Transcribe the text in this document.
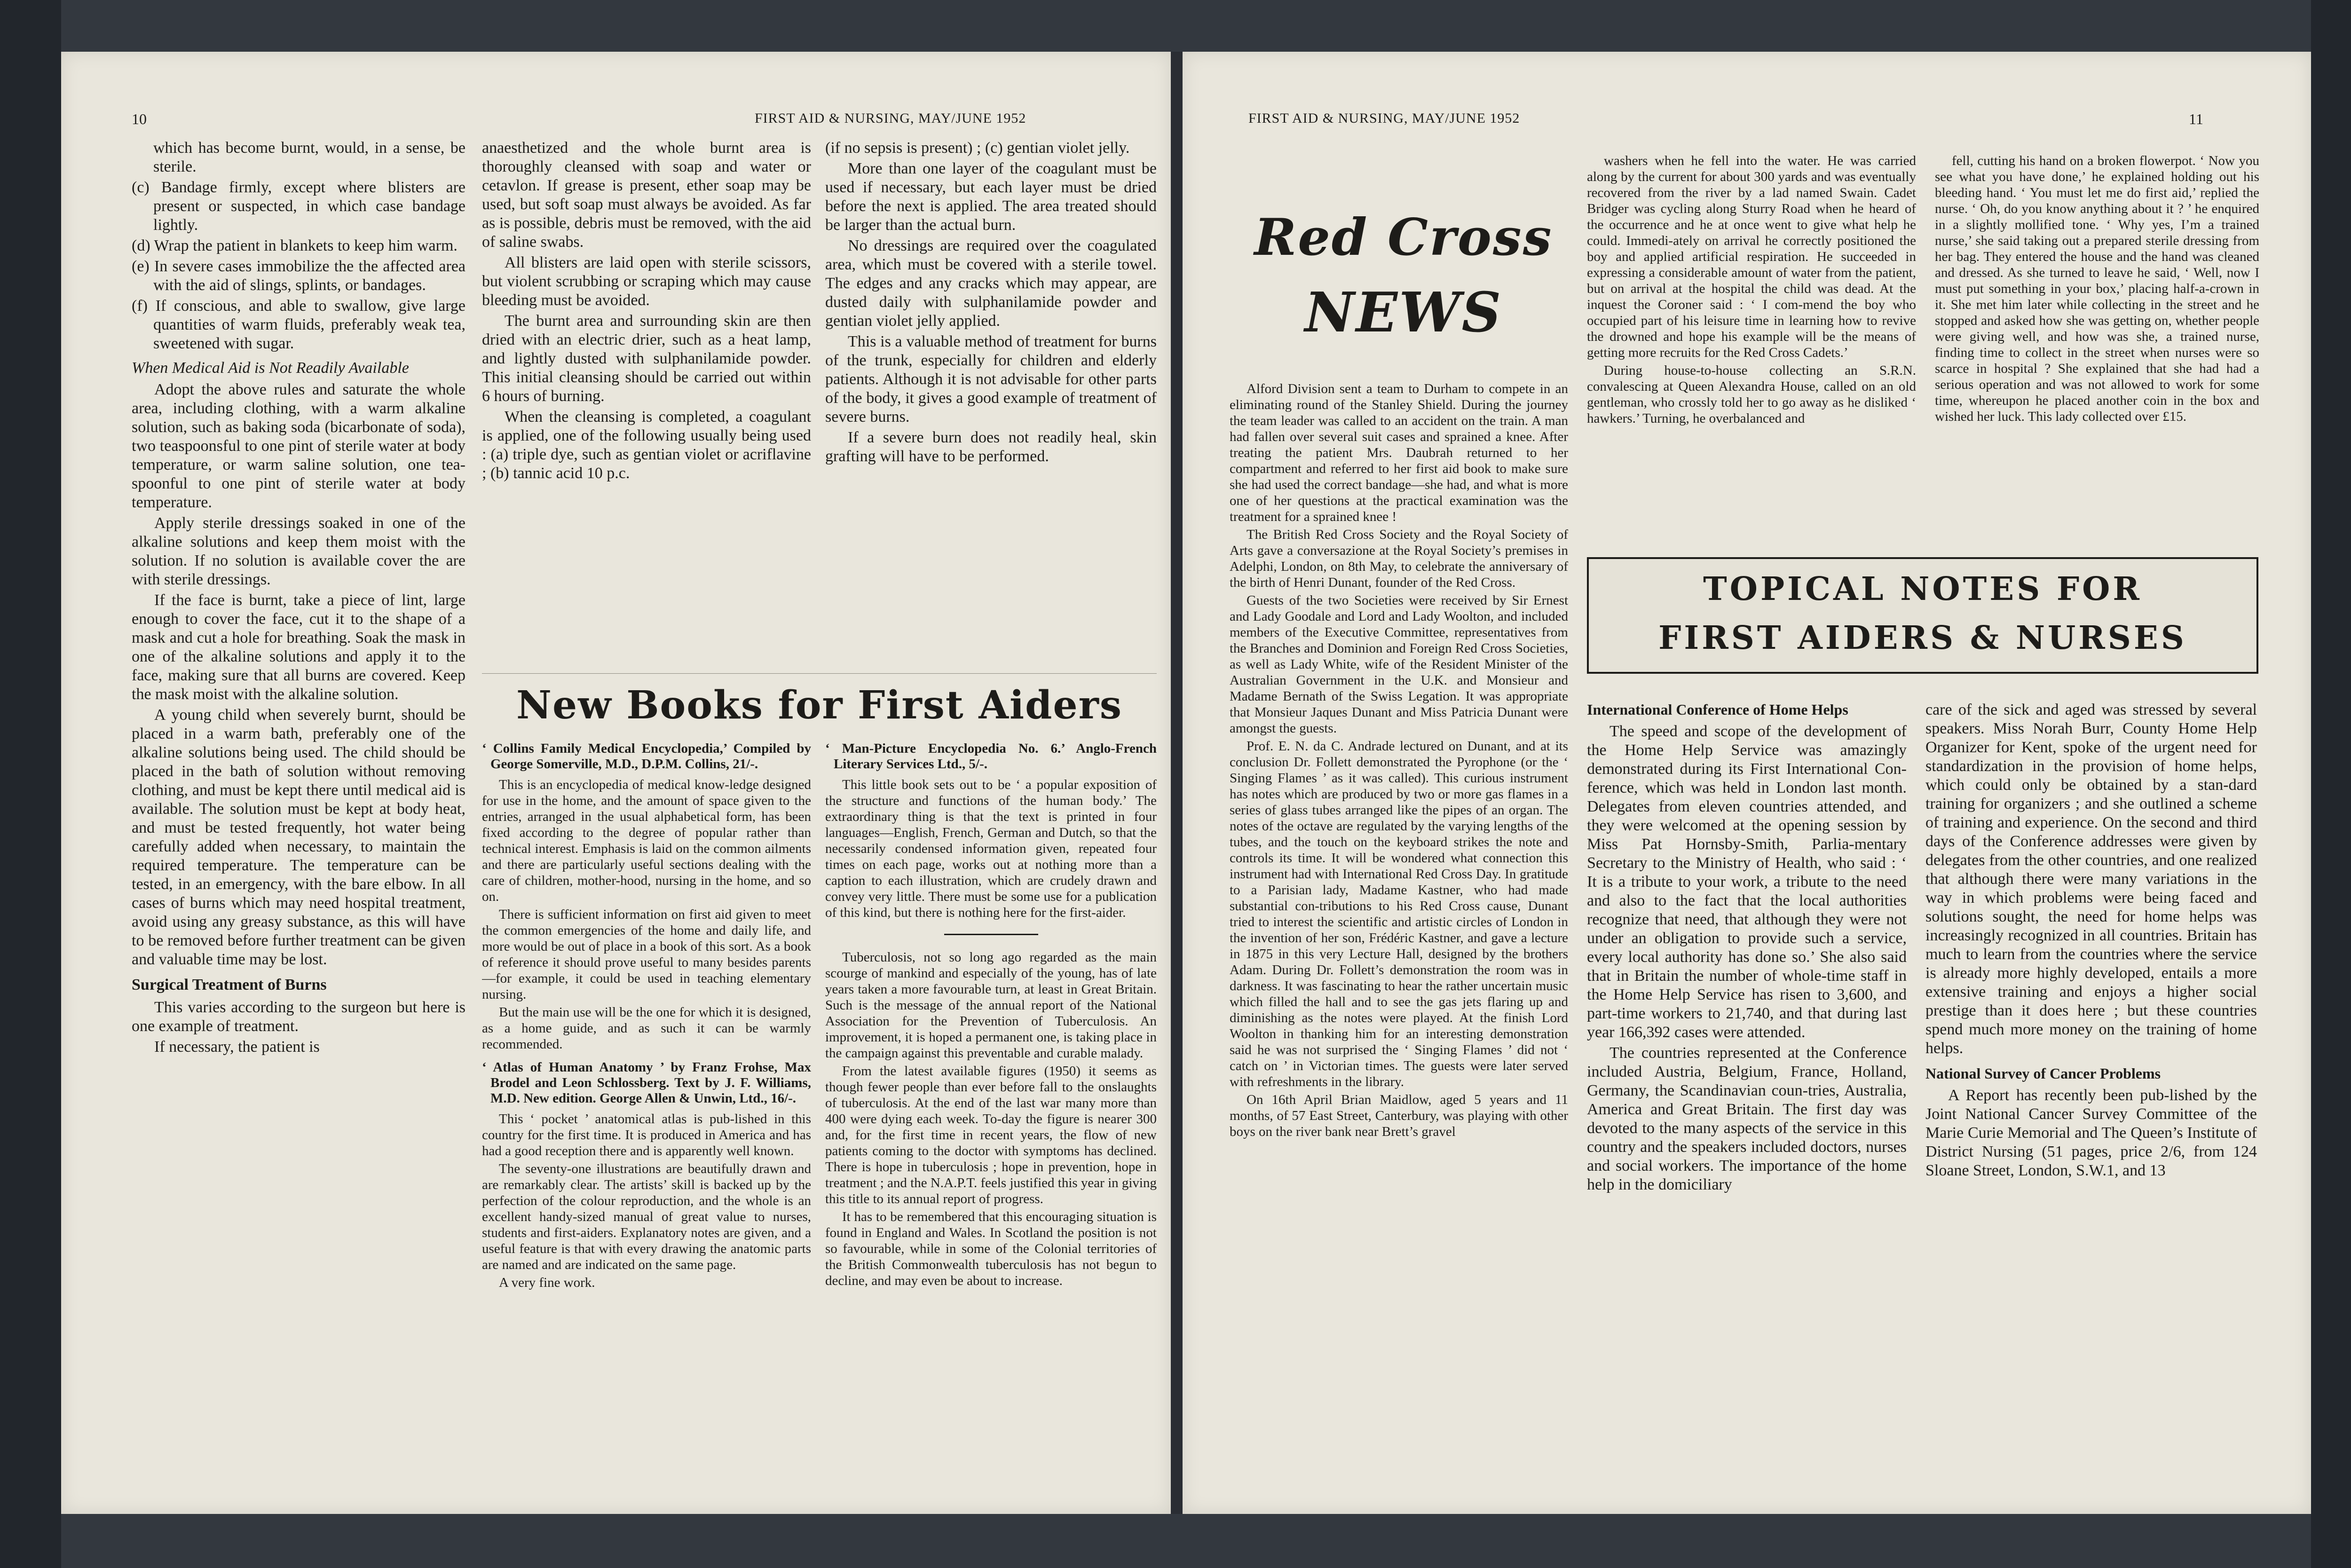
10	FIRST AID & NURSING, MAY/JUNE 1952

which has become burnt, would, in a sense, be sterile.

(c) Bandage firmly, except where blisters are present or suspected, in which case bandage lightly.

(d) Wrap the patient in blankets to keep him warm.

(e) In severe cases immobilize the the affected area with the aid of slings, splints, or bandages.

(f) If conscious, and able to swallow, give large quantities of warm fluids, preferably weak tea, sweetened with sugar.

When Medical Aid is Not Readily Available

Adopt the above rules and saturate the whole area, including clothing, with a warm alkaline solution, such as baking soda (bicarbonate of soda), two teaspoonsful to one pint of sterile water at body temperature, or warm saline solution, one tea-spoonful to one pint of sterile water at body temperature.

Apply sterile dressings soaked in one of the alkaline solutions and keep them moist with the solution. If no solution is available cover the are with sterile dressings.

If the face is burnt, take a piece of lint, large enough to cover the face, cut it to the shape of a mask and cut a hole for breathing. Soak the mask in one of the alkaline solutions and apply it to the face, making sure that all burns are covered. Keep the mask moist with the alkaline solution.

A young child when severely burnt, should be placed in a warm bath, preferably one of the alkaline solutions being used. The child should be placed in the bath of solution without removing clothing, and must be kept there until medical aid is available. The solution must be kept at body heat, and must be tested frequently, hot water being carefully added when necessary, to maintain the required temperature. The temperature can be tested, in an emergency, with the bare elbow. In all cases of burns which may need hospital treatment, avoid using any greasy substance, as this will have to be removed before further treatment can be given and valuable time may be lost.

Surgical Treatment of Burns

This varies according to the surgeon but here is one example of treatment.

If necessary, the patient is

anaesthetized and the whole burnt area is thoroughly cleansed with soap and water or cetavlon. If grease is present, ether soap may be used, but soft soap must always be avoided. As far as is possible, debris must be removed, with the aid of saline swabs.

All blisters are laid open with sterile scissors, but violent scrubbing or scraping which may cause bleeding must be avoided.

The burnt area and surrounding skin are then dried with an electric drier, such as a heat lamp, and lightly dusted with sulphanilamide powder. This initial cleansing should be carried out within 6 hours of burning.

When the cleansing is completed, a coagulant is applied, one of the following usually being used : (a) triple dye, such as gentian violet or acriflavine ; (b) tannic acid 10 p.c.

(if no sepsis is present) ; (c) gentian violet jelly.

More than one layer of the coagulant must be used if necessary, but each layer must be dried before the next is applied. The area treated should be larger than the actual burn.

No dressings are required over the coagulated area, which must be covered with a sterile towel. The edges and any cracks which may appear, are dusted daily with sulphanilamide powder and gentian violet jelly applied.

This is a valuable method of treatment for burns of the trunk, especially for children and elderly patients. Although it is not advisable for other parts of the body, it gives a good example of treatment of severe burns.

If a severe burn does not readily heal, skin grafting will have to be performed.

New Books for First Aiders

‘ Collins Family Medical Encyclopedia,’ Compiled by George Somerville, M.D., D.P.M. Collins, 21/-.

This is an encyclopedia of medical know-ledge designed for use in the home, and the amount of space given to the entries, arranged in the usual alphabetical form, has been fixed according to the degree of popular rather than technical interest. Emphasis is laid on the common ailments and there are particularly useful sections dealing with the care of children, mother-hood, nursing in the home, and so on.

There is sufficient information on first aid given to meet the common emergencies of the home and daily life, and more would be out of place in a book of this sort. As a book of reference it should prove useful to many besides parents—for example, it could be used in teaching elementary nursing.

But the main use will be the one for which it is designed, as a home guide, and as such it can be warmly recommended.

‘ Atlas of Human Anatomy ’ by Franz Frohse, Max Brodel and Leon Schlossberg. Text by J. F. Williams, M.D. New edition. George Allen & Unwin, Ltd., 16/-.

This ‘ pocket ’ anatomical atlas is pub-lished in this country for the first time. It is produced in America and has had a good reception there and is apparently well known.

The seventy-one illustrations are beautifully drawn and are remarkably clear. The artists’ skill is backed up by the perfection of the colour reproduction, and the whole is an excellent handy-sized manual of great value to nurses, students and first-aiders. Explanatory notes are given, and a useful feature is that with every drawing the anatomic parts are named and are indicated on the same page.

A very fine work.

‘ Man-Picture Encyclopedia No. 6.’ Anglo-French Literary Services Ltd., 5/-.

This little book sets out to be ‘ a popular exposition of the structure and functions of the human body.’ The extraordinary thing is that the text is printed in four languages—English, French, German and Dutch, so that the necessarily condensed information given, repeated four times on each page, works out at nothing more than a caption to each illustration, which are crudely drawn and convey very little. There must be some use for a publication of this kind, but there is nothing here for the first-aider.

Tuberculosis, not so long ago regarded as the main scourge of mankind and especially of the young, has of late years taken a more favourable turn, at least in Great Britain. Such is the message of the annual report of the National Association for the Prevention of Tuberculosis. An improvement, it is hoped a permanent one, is taking place in the campaign against this preventable and curable malady.

From the latest available figures (1950) it seems as though fewer people than ever before fall to the onslaughts of tuberculosis. At the end of the last war many more than 400 were dying each week. To-day the figure is nearer 300 and, for the first time in recent years, the flow of new patients coming to the doctor with symptoms has declined. There is hope in tuberculosis ; hope in prevention, hope in treatment ; and the N.A.P.T. feels justified this year in giving this title to its annual report of progress.

It has to be remembered that this encouraging situation is found in England and Wales. In Scotland the position is not so favourable, while in some of the Colonial territories of the British Commonwealth tuberculosis has not begun to decline, and may even be about to increase.

FIRST AID & NURSING, MAY/JUNE 1952	11
Red Cross
NEWS

Alford Division sent a team to Durham to compete in an eliminating round of the Stanley Shield. During the journey the team leader was called to an accident on the train. A man had fallen over several suit cases and sprained a knee. After treating the patient Mrs. Daubrah returned to her compartment and referred to her first aid book to make sure she had used the correct bandage—she had, and what is more one of her questions at the practical examination was the treatment for a sprained knee !

The British Red Cross Society and the Royal Society of Arts gave a conversazione at the Royal Society’s premises in Adelphi, London, on 8th May, to celebrate the anniversary of the birth of Henri Dunant, founder of the Red Cross.

Guests of the two Societies were received by Sir Ernest and Lady Goodale and Lord and Lady Woolton, and included members of the Executive Committee, representatives from the Branches and Dominion and Foreign Red Cross Societies, as well as Lady White, wife of the Resident Minister of the Australian Government in the U.K. and Monsieur and Madame Bernath of the Swiss Legation. It was appropriate that Monsieur Jaques Dunant and Miss Patricia Dunant were amongst the guests.

Prof. E. N. da C. Andrade lectured on Dunant, and at its conclusion Dr. Follett demonstrated the Pyrophone (or the ‘ Singing Flames ’ as it was called). This curious instrument has notes which are produced by two or more gas flames in a series of glass tubes arranged like the pipes of an organ. The notes of the octave are regulated by the varying lengths of the tubes, and the touch on the keyboard strikes the note and controls its time. It will be wondered what connection this instrument had with International Red Cross Day. In gratitude to a Parisian lady, Madame Kastner, who had made substantial con-tributions to his Red Cross cause, Dunant tried to interest the scientific and artistic circles of London in the invention of her son, Frédéric Kastner, and gave a lecture in 1875 in this very Lecture Hall, designed by the brothers Adam. During Dr. Follett’s demonstration the room was in darkness. It was fascinating to hear the rather uncertain music which filled the hall and to see the gas jets flaring up and diminishing as the notes were played. At the finish Lord Woolton in thanking him for an interesting demonstration said he was not surprised the ‘ Singing Flames ’ did not ‘ catch on ’ in Victorian times. The guests were later served with refreshments in the library.

On 16th April Brian Maidlow, aged 5 years and 11 months, of 57 East Street, Canterbury, was playing with other boys on the river bank near Brett’s gravel

washers when he fell into the water. He was carried along by the current for about 300 yards and was eventually recovered from the river by a lad named Swain. Cadet Bridger was cycling along Sturry Road when he heard of the occurrence and he at once went to give what help he could. Immedi-ately on arrival he correctly positioned the boy and applied artificial respiration. He succeeded in expressing a considerable amount of water from the patient, but on arrival at the hospital the child was dead. At the inquest the Coroner said : ‘ I com-mend the boy who occupied part of his leisure time in learning how to revive the drowned and hope his example will be the means of getting more recruits for the Red Cross Cadets.’

During house-to-house collecting an S.R.N. convalescing at Queen Alexandra House, called on an old gentleman, who crossly told her to go away as he disliked ‘ hawkers.’ Turning, he overbalanced and

fell, cutting his hand on a broken flowerpot. ‘ Now you see what you have done,’ he explained holding out his bleeding hand. ‘ You must let me do first aid,’ replied the nurse. ‘ Oh, do you know anything about it ? ’ he enquired in a slightly mollified tone. ‘ Why yes, I’m a trained nurse,’ she said taking out a prepared sterile dressing from her bag. They entered the house and the hand was cleaned and dressed. As she turned to leave he said, ‘ Well, now I must put something in your box,’ placing half-a-crown in it. She met him later while collecting in the street and he stopped and asked how she was getting on, whether people were giving well, and how was she, a trained nurse, finding time to collect in the street when nurses were so scarce in hospital ? She explained that she had had a serious operation and was not allowed to work for some time, whereupon he placed another coin in the box and wished her luck. This lady collected over £15.

TOPICAL NOTES FOR
FIRST AIDERS & NURSES
International Conference of Home Helps

The speed and scope of the development of the Home Help Service was amazingly demonstrated during its First International Con-ference, which was held in London last month. Delegates from eleven countries attended, and they were welcomed at the opening session by Miss Pat Hornsby-Smith, Parlia-mentary Secretary to the Ministry of Health, who said : ‘ It is a tribute to your work, a tribute to the need and also to the fact that the local authorities recognize that need, that although they were not under an obligation to provide such a service, every local authority has done so.’ She also said that in Britain the number of whole-time staff in the Home Help Service has risen to 3,600, and part-time workers to 21,740, and that during last year 166,392 cases were attended.

The countries represented at the Conference included Austria, Belgium, France, Holland, Germany, the Scandinavian coun-tries, Australia, America and Great Britain. The first day was devoted to the many aspects of the service in this country and the speakers included doctors, nurses and social workers. The importance of the home help in the domiciliary

care of the sick and aged was stressed by several speakers. Miss Norah Burr, County Home Help Organizer for Kent, spoke of the urgent need for standardization in the provision of home helps, which could only be obtained by a stan-dard training for organizers ; and she outlined a scheme of training and experience. On the second and third days of the Conference addresses were given by delegates from the other countries, and one realized that although there were many variations in the way in which problems were being faced and solutions sought, the need for home helps was increasingly recognized in all countries. Britain has much to learn from the countries where the service is already more highly developed, entails a more extensive training and enjoys a higher social prestige than it does here ; but these countries spend much more money on the training of home helps.

National Survey of Cancer Problems

A Report has recently been pub-lished by the Joint National Cancer Survey Committee of the Marie Curie Memorial and The Queen’s Institute of District Nursing (51 pages, price 2/6, from 124 Sloane Street, London, S.W.1, and 13
